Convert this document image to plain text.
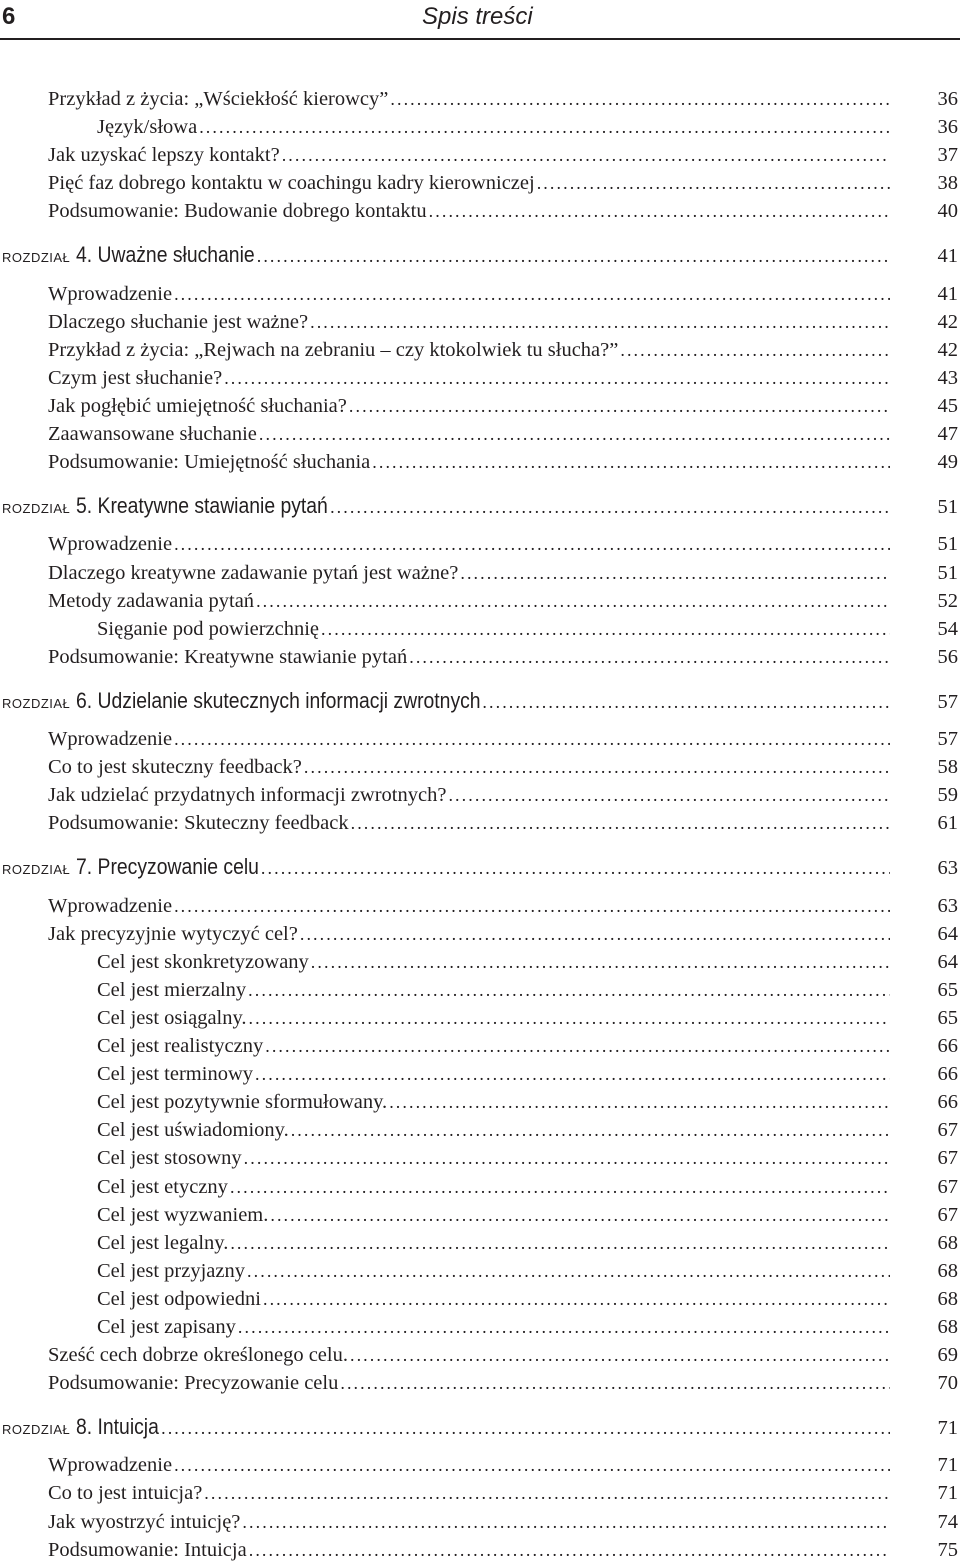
6	Spis treści
Przykład z życia: „Wściekłość kierowcy” .....	36
Język/słowa .....	36
Jak uzyskać lepszy kontakt? .....	37
Pięć faz dobrego kontaktu w coachingu kadry kierowniczej .....	38
Podsumowanie: Budowanie dobrego kontaktu .....	40
ROZDZIAŁ 4. Uważne słuchanie .....	41
Wprowadzenie .....	41
Dlaczego słuchanie jest ważne? .....	42
Przykład z życia: „Rejwach na zebraniu – czy ktokolwiek tu słucha?” .....	42
Czym jest słuchanie? .....	43
Jak pogłębić umiejętność słuchania? .....	45
Zaawansowane słuchanie .....	47
Podsumowanie: Umiejętność słuchania .....	49
ROZDZIAŁ 5. Kreatywne stawianie pytań .....	51
Wprowadzenie .....	51
Dlaczego kreatywne zadawanie pytań jest ważne? .....	51
Metody zadawania pytań .....	52
Sięganie pod powierzchnię .....	54
Podsumowanie: Kreatywne stawianie pytań .....	56
ROZDZIAŁ 6. Udzielanie skutecznych informacji zwrotnych .....	57
Wprowadzenie .....	57
Co to jest skuteczny feedback? .....	58
Jak udzielać przydatnych informacji zwrotnych? .....	59
Podsumowanie: Skuteczny feedback .....	61
ROZDZIAŁ 7. Precyzowanie celu .....	63
Wprowadzenie .....	63
Jak precyzyjnie wytyczyć cel? .....	64
Cel jest skonkretyzowany .....	64
Cel jest mierzalny .....	65
Cel jest osiągalny. .....	65
Cel jest realistyczny .....	66
Cel jest terminowy .....	66
Cel jest pozytywnie sformułowany. .....	66
Cel jest uświadomiony. .....	67
Cel jest stosowny .....	67
Cel jest etyczny .....	67
Cel jest wyzwaniem. .....	67
Cel jest legalny. .....	68
Cel jest przyjazny .....	68
Cel jest odpowiedni .....	68
Cel jest zapisany .....	68
Sześć cech dobrze określonego celu. .....	69
Podsumowanie: Precyzowanie celu .....	70
ROZDZIAŁ 8. Intuicja .....	71
Wprowadzenie .....	71
Co to jest intuicja? .....	71
Jak wyostrzyć intuicję? .....	74
Podsumowanie: Intuicja .....	75
